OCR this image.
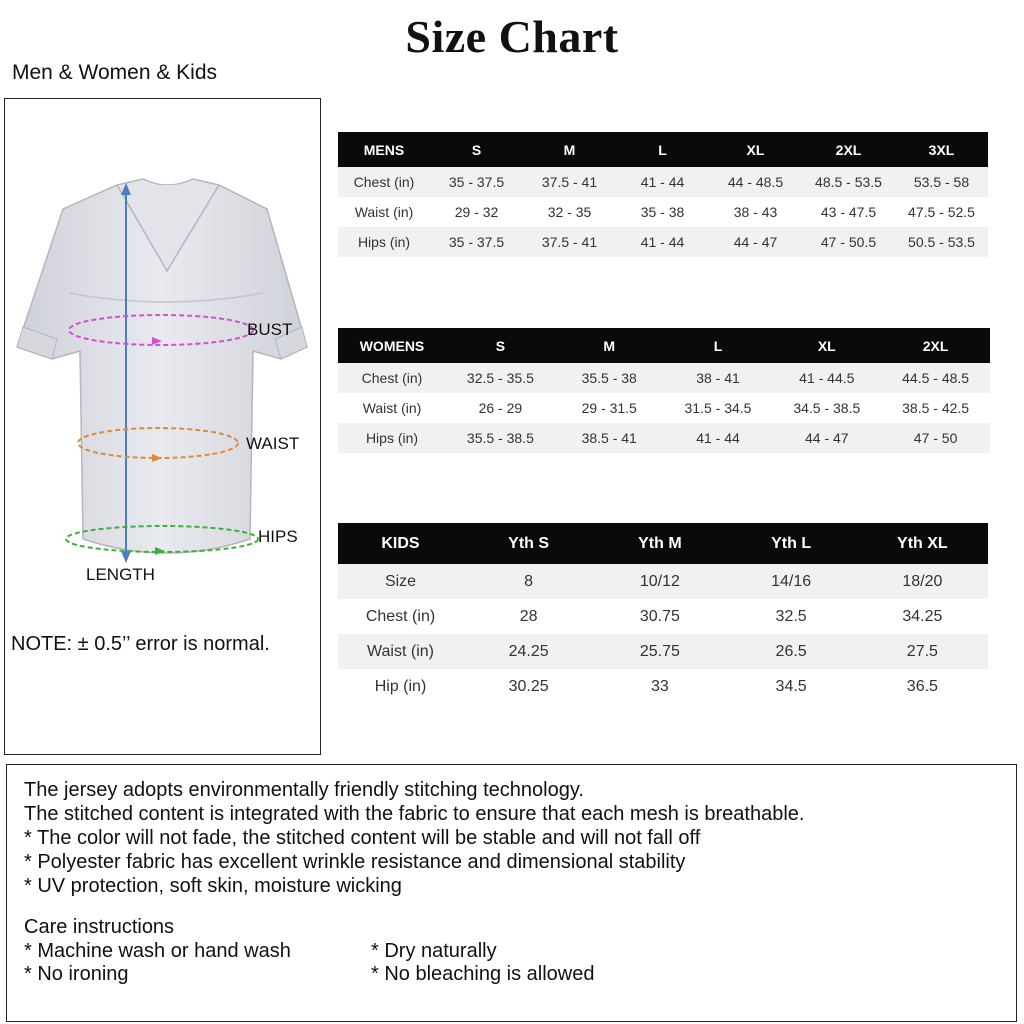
Size Chart
Men & Women & Kids
BUST
WAIST
HIPS
LENGTH
NOTE: ± 0.5’’ error is normal.
MENS	S	M	L	XL	2XL	3XL
Chest (in)	35 - 37.5	37.5 - 41	41 - 44	44 - 48.5	48.5 - 53.5	53.5 - 58
Waist (in)	29 - 32	32 - 35	35 - 38	38 - 43	43 - 47.5	47.5 - 52.5
Hips (in)	35 - 37.5	37.5 - 41	41 - 44	44 - 47	47 - 50.5	50.5 - 53.5
WOMENS	S	M	L	XL	2XL
Chest (in)	32.5 - 35.5	35.5 - 38	38 - 41	41 - 44.5	44.5 - 48.5
Waist (in)	26 - 29	29 - 31.5	31.5 - 34.5	34.5 - 38.5	38.5 - 42.5
Hips (in)	35.5 - 38.5	38.5 - 41	41 - 44	44 - 47	47 - 50
KIDS	Yth S	Yth M	Yth L	Yth XL
Size	8	10/12	14/16	18/20
Chest (in)	28	30.75	32.5	34.25
Waist (in)	24.25	25.75	26.5	27.5
Hip (in)	30.25	33	34.5	36.5
The jersey adopts environmentally friendly stitching technology.
The stitched content is integrated with the fabric to ensure that each mesh is breathable.
* The color will not fade, the stitched content will be stable and will not fall off
* Polyester fabric has excellent wrinkle resistance and dimensional stability
* UV protection, soft skin, moisture wicking
Care instructions
* Machine wash or hand wash	* Dry naturally
* No ironing	* No bleaching is allowed
